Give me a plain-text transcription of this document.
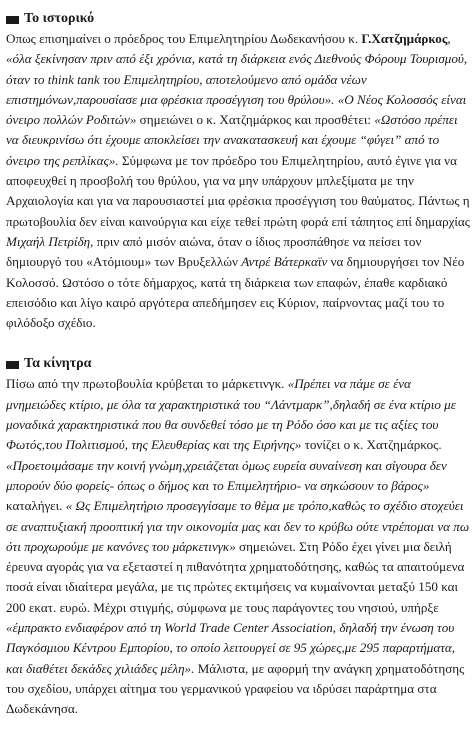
Το ιστορικό

Οπως επισημαίνει ο πρόεδρος του Επιμελητηρίου Δωδεκανήσου κ. Γ.Χατζημάρκος, «όλα ξεκίνησαν πριν από έξι χρόνια, κατά τη διάρκεια ενός Διεθνούς Φόρουμ Τουρισμού, όταν το think tank του Επιμελητηρίου, αποτελούμενο από ομάδα νέων επιστημόνων,παρουσίασε μια φρέσκια προσέγγιση του θρύλου». «Ο Νέος Κολοσσός είναι όνειρο πολλών Ροδιτών» σημειώνει ο κ. Χατζημάρκος και προσθέτει: «Ωστόσο πρέπει να διευκρινίσω ότι έχουμε αποκλείσει την ανακατασκευή και έχουμε “φύγει” από το όνειρο της ρεπλίκας». Σύμφωνα με τον πρόεδρο του Επιμελητηρίου, αυτό έγινε για να αποφευχθεί η προσβολή του θρύλου, για να μην υπάρχουν μπλεξίματα με την Αρχαιολογία και για να παρουσιαστεί μια φρέσκια προσέγγιση του θαύματος. Πάντως η πρωτοβουλία δεν είναι καινούργια και είχε τεθεί πρώτη φορά επί τάπητος επί δημαρχίας Μιχαήλ Πετρίδη, πριν από μισόν αιώνα, όταν ο ίδιος προσπάθησε να πείσει τον δημιουργό του «Ατόμιουμ» των Βρυξελλών Αντρέ Βάτερκαϊν να δημιουργήσει τον Νέο Κολοσσό. Ωστόσο ο τότε δήμαρχος, κατά τη διάρκεια των επαφών, έπαθε καρδιακό επεισόδιο και λίγο καιρό αργότερα απεδήμησεν εις Κύριον, παίρνοντας μαζί του το φιλόδοξο σχέδιο.

Τα κίνητρα

Πίσω από την πρωτοβουλία κρύβεται το μάρκετινγκ. «Πρέπει να πάμε σε ένα μνημειώδες κτίριο, με όλα τα χαρακτηριστικά του “Λάντμαρκ”,δηλαδή σε ένα κτίριο με μοναδικά χαρακτηριστικά που θα συνδεθεί τόσο με τη Ρόδο όσο και με τις αξίες του Φωτός,του Πολιτισμού, της Ελευθερίας και της Ειρήνης» τονίζει ο κ. Χατζημάρκος. «Προετοιμάσαμε την κοινή γνώμη,χρειάζεται όμως ευρεία συναίνεση και σίγουρα δεν μπορούν δύο φορείς- όπως ο δήμος και το Επιμελητήριο- να σηκώσουν το βάρος» καταλήγει. « Ως Επιμελητήριο προσεγγίσαμε το θέμα με τρόπο,καθώς το σχέδιο στοχεύει σε αναπτυξιακή προοπτική για την οικονομία μας και δεν το κρύβω ούτε ντρέπομαι να πω ότι προχωρούμε με κανόνες του μάρκετινγκ» σημειώνει. Στη Ρόδο έχει γίνει μια δειλή έρευνα αγοράς για να εξεταστεί η πιθανότητα χρηματοδότησης, καθώς τα απαιτούμενα ποσά είναι ιδιαίτερα μεγάλα, με τις πρώτες εκτιμήσεις να κυμαίνονται μεταξύ 150 και 200 εκατ. ευρώ. Μέχρι στιγμής, σύμφωνα με τους παράγοντες του νησιού, υπήρξε «έμπρακτο ενδιαφέρον από τη World Trade Center Association, δηλαδή την ένωση του Παγκόσμιου Κέντρου Εμπορίου, το οποίο λειτουργεί σε 95 χώρες,με 295 παραρτήματα, και διαθέτει δεκάδες χιλιάδες μέλη». Μάλιστα, με αφορμή την ανάγκη χρηματοδότησης του σχεδίου, υπάρχει αίτημα του γερμανικού γραφείου να ιδρύσει παράρτημα στα Δωδεκάνησα.
